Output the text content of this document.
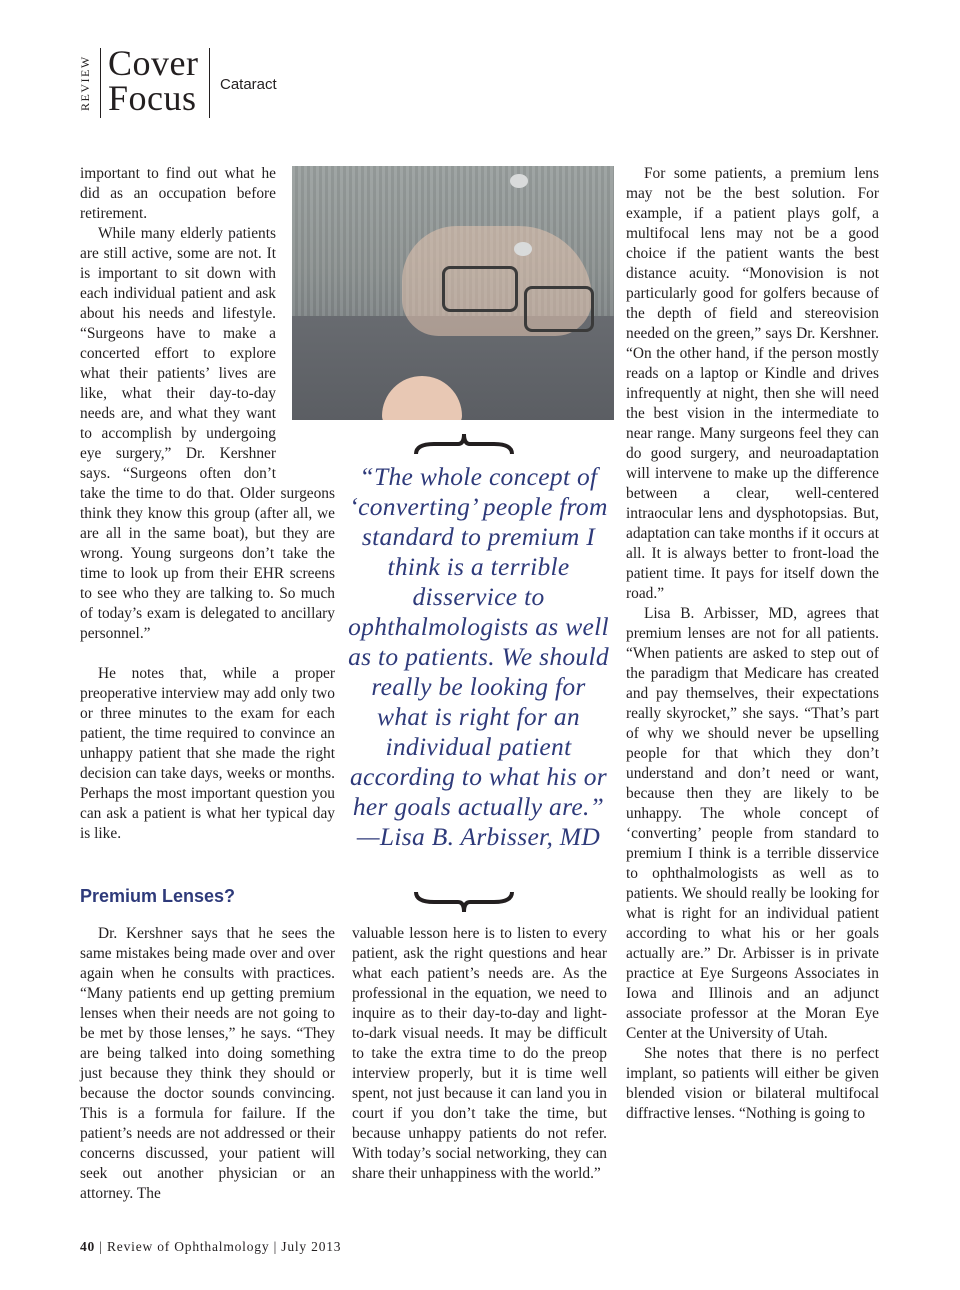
REVIEW Cover
Focus Cataract

important to find out what he did as an occupation before retirement.

While many elderly patients are still active, some are not. It is important to sit down with each individual patient and ask about his needs and lifestyle. “Surgeons have to make a concerted effort to explore what their patients’ lives are like, what their day-to-day needs are, and what they want to accomplish by undergoing eye surgery,” Dr. Kershner says. “Surgeons often don’t

take the time to do that. Older surgeons think they know this group (after all, we are all in the same boat), but they are wrong. Young surgeons don’t take the time to look up from their EHR screens to see who they are talking to. So much of today’s exam is delegated to ancillary personnel.”

“The whole concept of ‘converting’ people from standard to premium I think is a terrible disservice to ophthalmologists as well as to patients. We should really be looking for what is right for an individual patient according to what his or her goals actually are.”
—Lisa B. Arbisser, MD

He notes that, while a proper preoperative interview may add only two or three minutes to the exam for each patient, the time required to convince an unhappy patient that she made the right decision can take days, weeks or months. Perhaps the most important question you can ask a patient is what her typical day is like.

Premium Lenses?

Dr. Kershner says that he sees the same mistakes being made over and over again when he consults with practices. “Many patients end up getting premium lenses when their needs are not going to be met by those lenses,” he says. “They are being talked into doing something just because they think they should or because the doctor sounds convincing. This is a formula for failure. If the patient’s needs are not addressed or their concerns discussed, your patient will seek out another physician or an attorney. The

valuable lesson here is to listen to every patient, ask the right questions and hear what each patient’s needs are. As the professional in the equation, we need to inquire as to their day-to-day and light-to-dark visual needs. It may be difficult to take the extra time to do the preop interview properly, but it is time well spent, not just because it can land you in court if you don’t take the time, but because unhappy patients do not refer. With today’s social networking, they can share their unhappiness with the world.”

For some patients, a premium lens may not be the best solution. For example, if a patient plays golf, a multifocal lens may not be a good choice if the patient wants the best distance acuity. “Monovision is not particularly good for golfers because of the depth of field and stereovision needed on the green,” says Dr. Kershner. “On the other hand, if the person mostly reads on a laptop or Kindle and drives infrequently at night, then she will need the best vision in the intermediate to near range. Many surgeons feel they can do good surgery, and neuroadaptation will intervene to make up the difference between a clear, well-centered intraocular lens and dysphotopsias. But, adaptation can take months if it occurs at all. It is always better to front-load the patient time. It pays for itself down the road.”

Lisa B. Arbisser, MD, agrees that premium lenses are not for all patients. “When patients are asked to step out of the paradigm that Medicare has created and pay themselves, their expectations really skyrocket,” she says. “That’s part of why we should never be upselling people for that which they don’t understand and don’t need or want, because then they are likely to be unhappy. The whole concept of ‘converting’ people from standard to premium I think is a terrible disservice to ophthalmologists as well as to patients. We should really be looking for what is right for an individual patient according to what his or her goals actually are.” Dr. Arbisser is in private practice at Eye Surgeons Associates in Iowa and Illinois and an adjunct associate professor at the Moran Eye Center at the University of Utah.

She notes that there is no perfect implant, so patients will either be given blended vision or bilateral multifocal diffractive lenses. “Nothing is going to

40 | Review of Ophthalmology | July 2013
